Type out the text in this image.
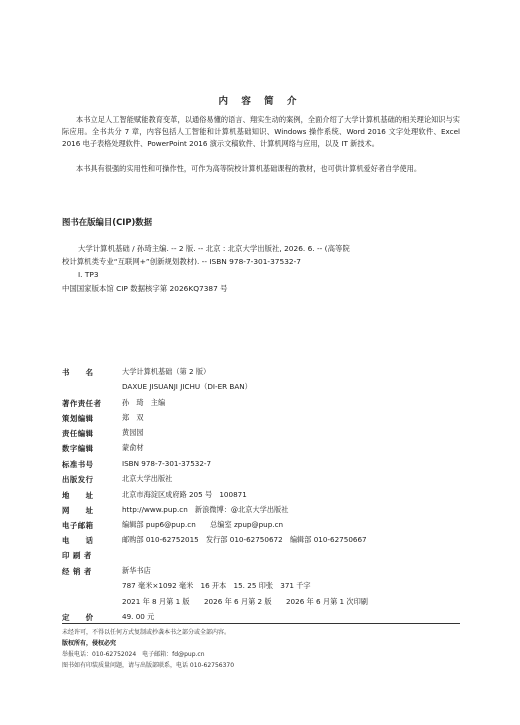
内 容 简 介
本书立足人工智能赋能教育变革，以通俗易懂的语言、翔实生动的案例，全面介绍了大学计算机基础的相关理论知识与实际应用。全书共分 7 章，内容包括人工智能和计算机基础知识、Windows 操作系统、Word 2016 文字处理软件、Excel 2016 电子表格处理软件、PowerPoint 2016 演示文稿软件、计算机网络与应用，以及 IT 新技术。
本书具有很强的实用性和可操作性，可作为高等院校计算机基础课程的教材，也可供计算机爱好者自学使用。
图书在版编目(CIP)数据
大学计算机基础 / 孙琦主编. -- 2 版. -- 北京 : 北京大学出版社, 2026. 6. -- (高等院
校计算机类专业“互联网+”创新规划教材). -- ISBN 978-7-301-37532-7
Ⅰ. TP3
中国国家版本馆 CIP 数据核字第 2026KQ7387 号
书　　名	大学计算机基础（第 2 版）
DAXUE JISUANJI JICHU（DI-ER BAN）
著作责任者	孙　琦　主编
策划编辑	郑　双
责任编辑	黄园园
数字编辑	蒙俞材
标准书号	ISBN 978-7-301-37532-7
出版发行	北京大学出版社
地　　址	北京市海淀区成府路 205 号　100871
网　　址	http://www.pup.cn　新浪微博：@北京大学出版社
电子邮箱	编辑部 pup6@pup.cn　　总编室 zpup@pup.cn
电　　话	邮购部 010-62752015　发行部 010-62750672　编辑部 010-62750667
印 刷 者
经 销 者	新华书店
787 毫米×1092 毫米　16 开本　15. 25 印张　371 千字
2021 年 8 月第 1 版　　2026 年 6 月第 2 版　　2026 年 6 月第 1 次印刷
定　　价	49. 00 元
未经许可，不得以任何方式复制或抄袭本书之部分或全部内容。
版权所有，侵权必究
举报电话：010-62752024　电子邮箱：fd@pup.cn
图书如有印装质量问题，请与出版部联系，电话 010-62756370
